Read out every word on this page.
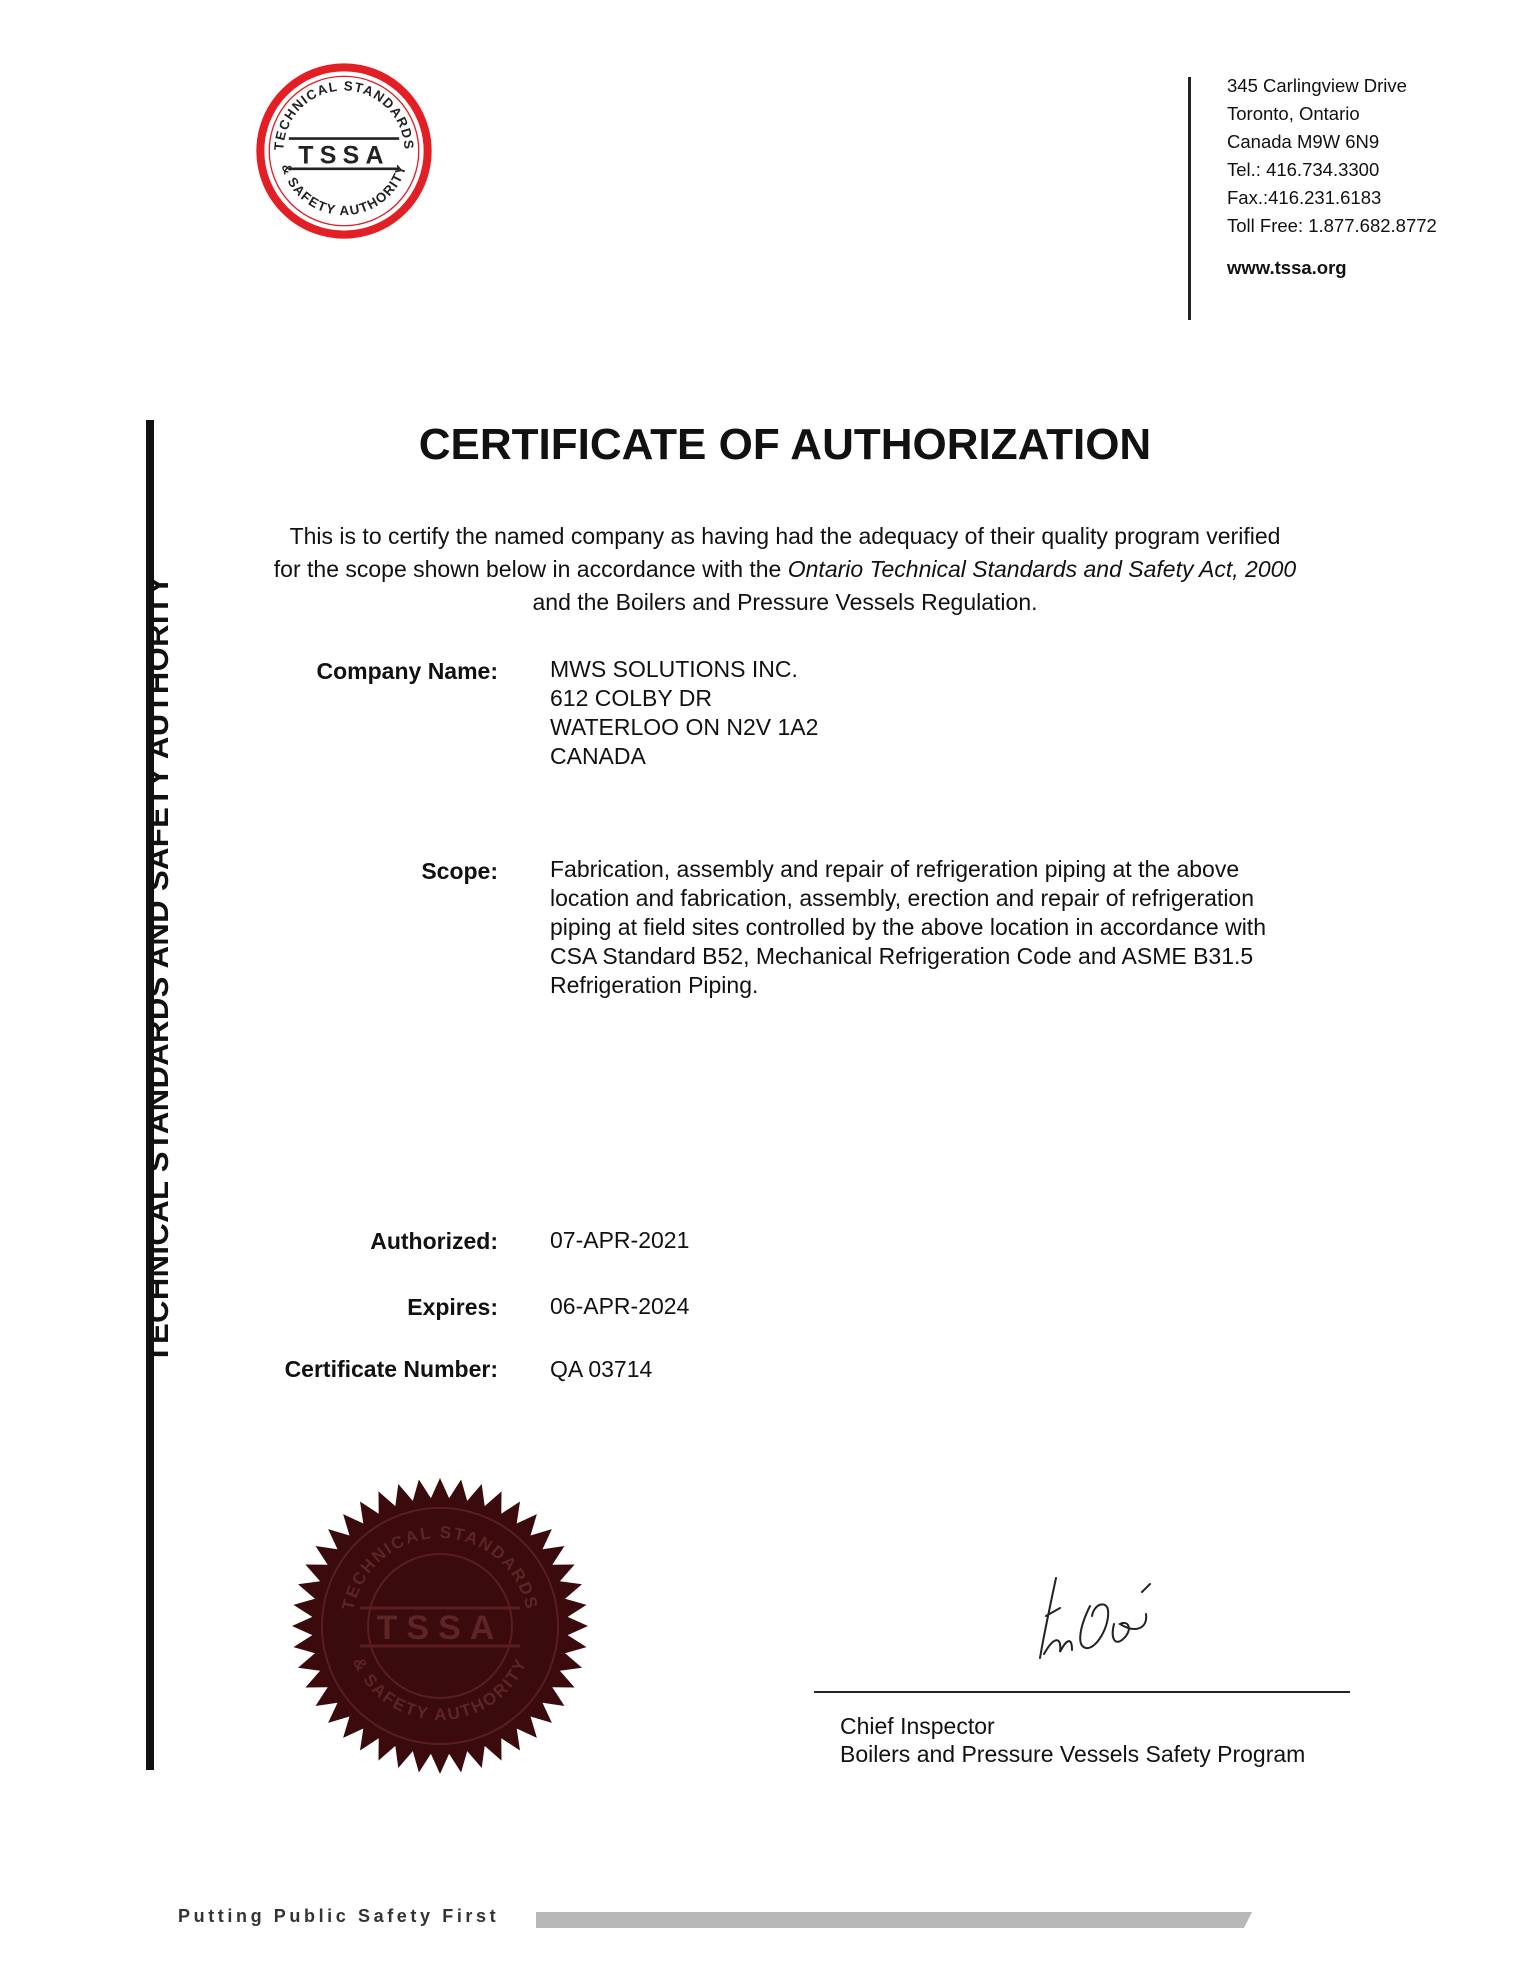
TECHNICAL STANDARDS
& SAFETY AUTHORITY
TSSA
345 Carlingview Drive
Toronto, Ontario
Canada M9W 6N9
Tel.: 416.734.3300
Fax.:416.231.6183
Toll Free: 1.877.682.8772
www.tssa.org
TECHNICAL STANDARDS AND SAFETY AUTHORITY
CERTIFICATE OF AUTHORIZATION
This is to certify the named company as having had the adequacy of their quality program verified
for the scope shown below in accordance with the Ontario Technical Standards and Safety Act, 2000
and the Boilers and Pressure Vessels Regulation.
Company Name: MWS SOLUTIONS INC.
612 COLBY DR
WATERLOO ON N2V 1A2
CANADA
Scope: Fabrication, assembly and repair of refrigeration piping at the above
location and fabrication, assembly, erection and repair of refrigeration
piping at field sites controlled by the above location in accordance with
CSA Standard B52, Mechanical Refrigeration Code and ASME B31.5
Refrigeration Piping.
Authorized: 07-APR-2021
Expires: 06-APR-2024
Certificate Number: QA 03714
TECHNICAL STANDARDS
& SAFETY AUTHORITY
TSSA
Chief Inspector
Boilers and Pressure Vessels Safety Program
Putting Public Safety First
